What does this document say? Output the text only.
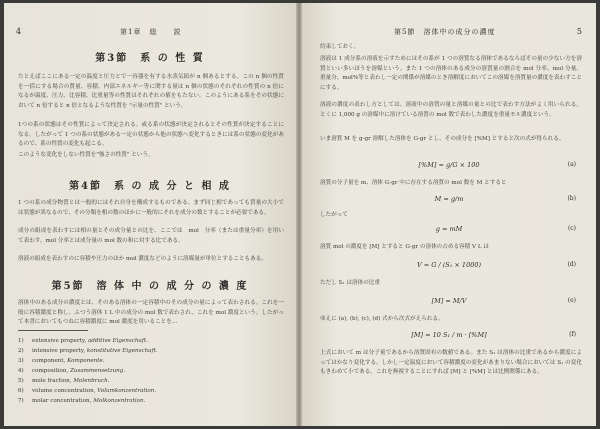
4	第1章　総　　説
第3節　系 の 性 質
たとえばここにある一定の温度と圧力とで一容器を有する水蒸気組が n 個あるとする。この n 個の性質を一括にする場合の質量、容積、内部エネルギー等に関する量は n 個の状態のそれぞれの性質の n 倍になるが温度、圧力、比容積、比重量等の性質はそれぞれの値をもたない。このようにある系をその状態において n 倍すると n 倍となるような性質を "示量の性質" という。
1つの系の状態はその性質によって決定される。或る系の状態が決定されるとその性質が決定することになる。したがって 1 つの系の状態がある一定の状態から他の状態へ変化するときには系の状態の変化があるので、系の性質の変化も起こる。
このような変化をしない性質を"強さの性質" という。
第4節　系 の 成 分 と 相 成
1 つの系の成分物質とは一般的にはそれ自身を構成するものである。まず同じ相であっても質量の大小では状態が異なるので、その分類を相の数のほかに一般的にそれを成分の数とすることが必要である。
成分の組成を表わすには相の量とその成分量との比を、ここでは　mol　分率（または重量分率）を用いて表わす。mol 分率とは成分量の mol 数の和に対する比である。
溶液の組成を表わすのに容積や圧力のほか mol 濃度などのように溶媒量が単位とすることもある。
第5節　溶 体 中 の 成 分 の 濃 度
溶体中のある成分の濃度とは、そのある溶体の一定容積中のその成分の量によって表わされる。これを一般に容積濃度と称し、ふつう溶体 1 L 中の成分の mol 数で表わされ、これを mol 濃度という。したがって本書においてもつねに容積濃度に mol 濃度を用いることを…
1) extensive property, additive Eigenschaft.
2) intensive property, konstitutive Eigenschaft.
3) component, Komponente.
4) composition, Zusammensetzung.
5) mole fraction, Molenbruch.
6) volume concentration, Volumkonzentration.
7) molar concentration, Molkonzentration.
第5節　溶体中の成分の濃度	5
約束しておく。
溶液は 1 成分系の溶液を示すためにはその系が 1 つの溶質なる溶体であるならばその量の少ない方を溶質といい多いほうを溶媒という。また 1 つの溶体のある成分の溶質量の割合を mol 分率、mol 分量、重量分、mol%等と表わし一定の関係が溶媒のとき溶解度においてこの溶媒を溶質量の濃度を表わすことにする。
溶液の濃度の表わし方としては、溶液中の溶質の量と溶媒の量との比で表わす方法がよく用いられる。とくに 1,000 g の溶媒中に溶けている溶質の mol 数で表わした濃度を重量モル濃度という。
いま溶質 M を g-gr 溶解した溶体を G-gr とし、その成分を [%M] とすると次の式が得られる。
[%M] = g/G × 100	(a)
溶質の分子量を m、溶体 G-gr 中に存在する溶質の mol 数を M とすると
M = g/m	(b)
したがって
g = mM	(c)
溶質 mol の濃度を [M] とすると G-gr の溶体の占める容積 V L は
V = G / (S₁ × 1000)	(d)
ただし S₁ は溶体の比重
[M] = M/V	(e)
ゆえに (a), (b), (c), (d) 式から次式がえられる。
[M] = 10 S₁ / m · [%M]	(f)
上式において m は分子量であるから溶質固有の数値である。また S₁ は溶体の比重であるから濃度によってはかなり変化する。しかし一定温度において容積濃度の変化があまりない場合においては S₁ の変化もきわめて小である。これを無視することにすれば [M] と [%M] とは比例関係にある。
